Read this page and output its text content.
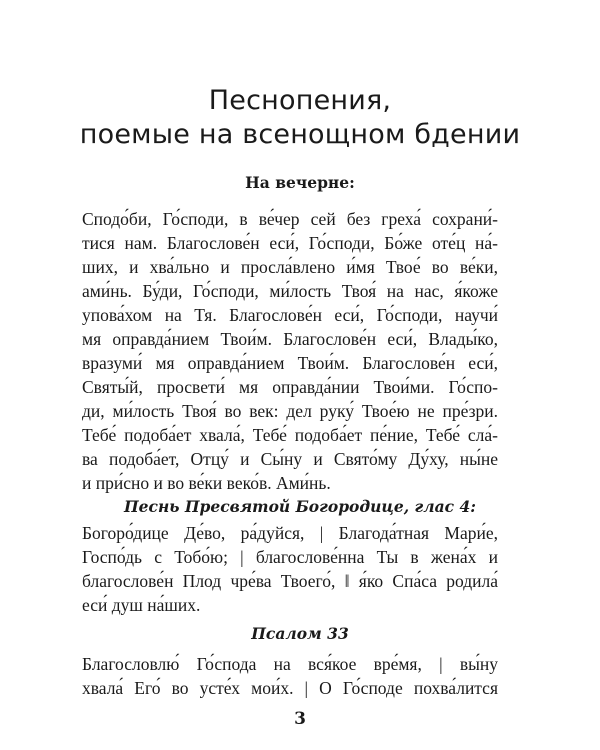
Песнопения,
поемые на всенощном бдении
На вечерне:
Сподо́би, Го́споди, в ве́чер сей без греха́ сохрани́-
тися нам. Благослове́н еси́, Го́споди, Бо́же оте́ц на́-
ших, и хва́льно и просла́влено и́мя Твое́ во ве́ки,
ами́нь. Бу́ди, Го́споди, ми́лость Твоя́ на нас, я́коже
упова́хом на Тя. Благослове́н еси́, Го́споди, научи́
мя оправда́нием Твои́м. Благослове́н еси́, Влады́ко,
вразуми́ мя оправда́нием Твои́м. Благослове́н еси́,
Святы́й, просвети́ мя оправда́нии Твои́ми. Го́спо-
ди, ми́лость Твоя́ во век: дел руку́ Твое́ю не пре́зри.
Тебе́ подоба́ет хвала́, Тебе́ подоба́ет пе́ние, Тебе́ сла́-
ва подоба́ет, Отцу́ и Сы́ну и Свято́му Ду́ху, ны́не
и при́сно и во ве́ки веко́в. Ами́нь.
Песнь Пресвятой Богородице, глас 4:
Богоро́дице Де́во, ра́дуйся, | Благода́тная Мари́е,
Госпо́дь с Тобо́ю; | благослове́нна Ты в жена́х и
благослове́н Плод чре́ва Твоего́, ‖ я́ко Спа́са родила́
еси́ душ на́ших.
Псалом 33
Благословлю́ Го́спода на вся́кое вре́мя, | вы́ну
хвала́ Его́ во усте́х мои́х. | О Го́споде похва́лится
3
